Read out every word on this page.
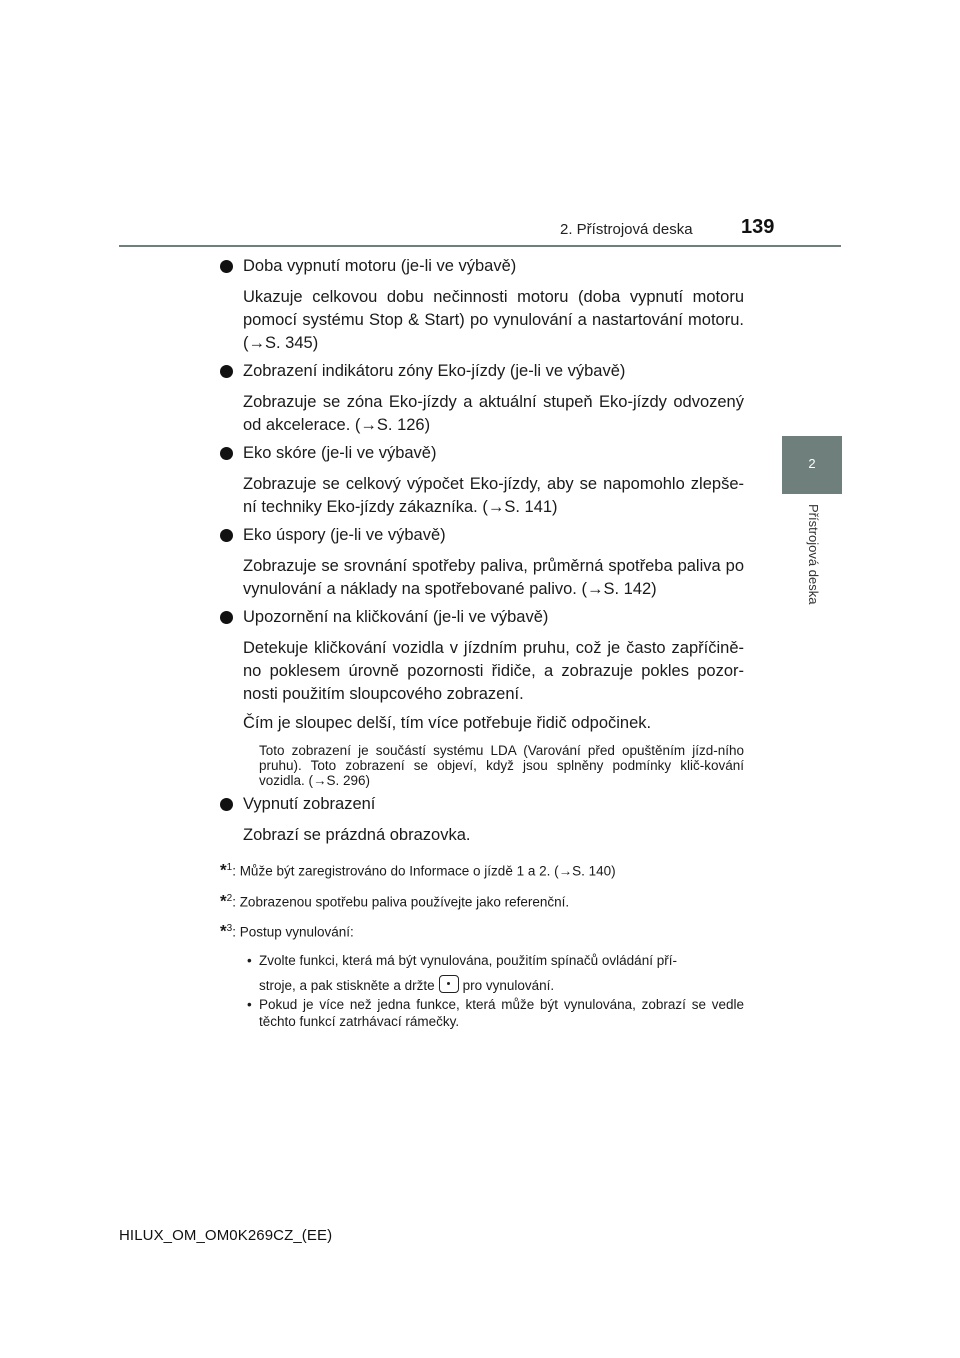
2. Přístrojová deska 139
2
Přístrojová deska
Doba vypnutí motoru (je-li ve výbavě)

Ukazuje celkovou dobu nečinnosti motoru (doba vypnutí motoru pomocí systému Stop & Start) po vynulování a nastartování motoru. (→S. 345)

Zobrazení indikátoru zóny Eko-jízdy (je-li ve výbavě)

Zobrazuje se zóna Eko-jízdy a aktuální stupeň Eko-jízdy odvozený od akcelerace. (→S. 126)

Eko skóre (je-li ve výbavě)

Zobrazuje se celkový výpočet Eko-jízdy, aby se napomohlo zlepše-ní techniky Eko-jízdy zákazníka. (→S. 141)

Eko úspory (je-li ve výbavě)

Zobrazuje se srovnání spotřeby paliva, průměrná spotřeba paliva po vynulování a náklady na spotřebované palivo. (→S. 142)

Upozornění na kličkování (je-li ve výbavě)

Detekuje kličkování vozidla v jízdním pruhu, což je často zapříčině-no poklesem úrovně pozornosti řidiče, a zobrazuje pokles pozor-nosti použitím sloupcového zobrazení.

Čím je sloupec delší, tím více potřebuje řidič odpočinek.

Toto zobrazení je součástí systému LDA (Varování před opuštěním jízd-ního pruhu). Toto zobrazení se objeví, když jsou splněny podmínky klič-kování vozidla. (→S. 296)
Vypnutí zobrazení

Zobrazí se prázdná obrazovka.

*$^1$: Může být zaregistrováno do Informace o jízdě 1 a 2. (→S. 140)
*$^2$: Zobrazenou spotřebu paliva používejte jako referenční.
*$^3$: Postup vynulování:
• Zvolte funkci, která má být vynulována, použitím spínačů ovládání pří-
stroje, a pak stiskněte a držte pro vynulování.
• Pokud je více než jedna funkce, která může být vynulována, zobrazí se vedle těchto funkcí zatrhávací rámečky.
HILUX_OM_OM0K269CZ_(EE)
